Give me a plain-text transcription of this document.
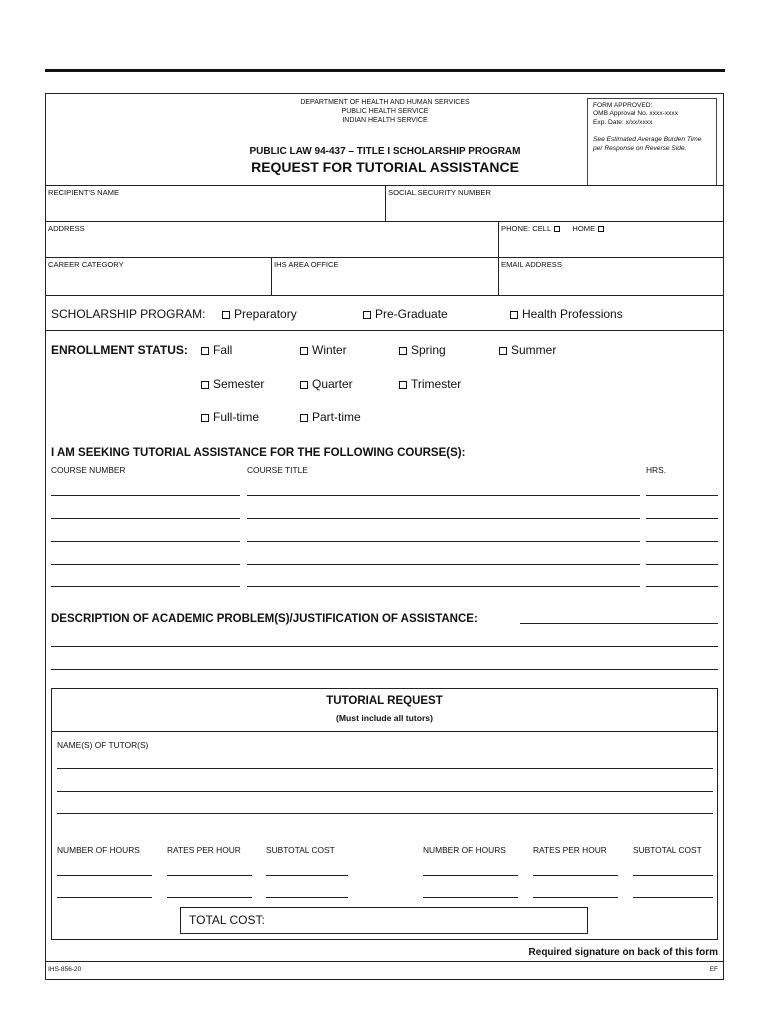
DEPARTMENT OF HEALTH AND HUMAN SERVICES
PUBLIC HEALTH SERVICE
INDIAN HEALTH SERVICE
FORM APPROVED:
OMB Approval No. xxxx-xxxx
Exp. Date: x/xx/xxxx
See Estimated Average Burden Time per Response on Reverse Side.
PUBLIC LAW 94-437 – TITLE I SCHOLARSHIP PROGRAM
REQUEST FOR TUTORIAL ASSISTANCE
RECIPIENT'S NAME	SOCIAL SECURITY NUMBER
ADDRESS	PHONE: CELL	HOME
CAREER CATEGORY	IHS AREA OFFICE	EMAIL ADDRESS
SCHOLARSHIP PROGRAM:	Preparatory	Pre-Graduate	Health Professions
ENROLLMENT STATUS:	Fall	Winter	Spring	Summer
Semester	Quarter	Trimester
Full-time	Part-time
I AM SEEKING TUTORIAL ASSISTANCE FOR THE FOLLOWING COURSE(S):
COURSE NUMBER	COURSE TITLE	HRS.
DESCRIPTION OF ACADEMIC PROBLEM(S)/JUSTIFICATION OF ASSISTANCE:
TUTORIAL REQUEST
(Must include all tutors)
NAME(S) OF TUTOR(S)
NUMBER OF HOURS	RATES PER HOUR	SUBTOTAL COST	NUMBER OF HOURS	RATES PER HOUR	SUBTOTAL COST
TOTAL COST:
Required signature on back of this form
IHS-856-20	EF
